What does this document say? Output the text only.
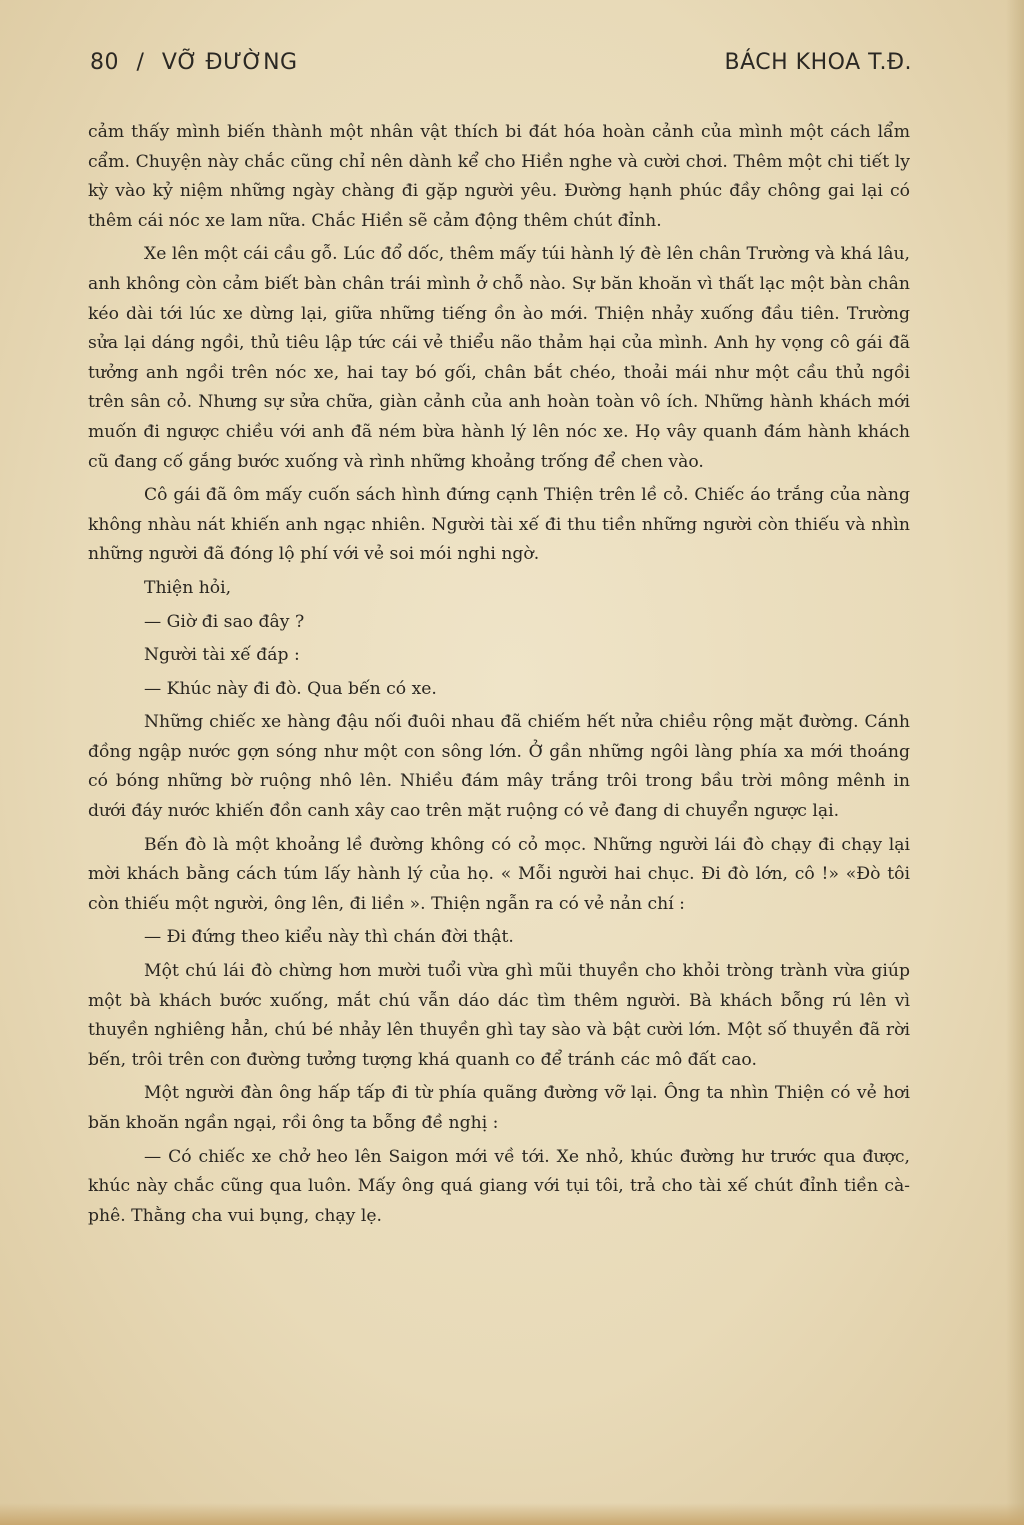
80 / VỠ ĐƯỜNG	BÁCH KHOA T.Đ.

cảm thấy mình biến thành một nhân vật thích bi đát hóa hoàn cảnh của mình một cách lẩm cẩm. Chuyện này chắc cũng chỉ nên dành kể cho Hiền nghe và cười chơi. Thêm một chi tiết ly kỳ vào kỷ niệm những ngày chàng đi gặp người yêu. Đường hạnh phúc đầy chông gai lại có thêm cái nóc xe lam nữa. Chắc Hiền sẽ cảm động thêm chút đỉnh.

Xe lên một cái cầu gỗ. Lúc đổ dốc, thêm mấy túi hành lý đè lên chân Trường và khá lâu, anh không còn cảm biết bàn chân trái mình ở chỗ nào. Sự băn khoăn vì thất lạc một bàn chân kéo dài tới lúc xe dừng lại, giữa những tiếng ồn ào mới. Thiện nhảy xuống đầu tiên. Trường sửa lại dáng ngồi, thủ tiêu lập tức cái vẻ thiểu não thảm hại của mình. Anh hy vọng cô gái đã tưởng anh ngồi trên nóc xe, hai tay bó gối, chân bắt chéo, thoải mái như một cầu thủ ngồi trên sân cỏ. Nhưng sự sửa chữa, giàn cảnh của anh hoàn toàn vô ích. Những hành khách mới muốn đi ngược chiều với anh đã ném bừa hành lý lên nóc xe. Họ vây quanh đám hành khách cũ đang cố gắng bước xuống và rình những khoảng trống để chen vào.

Cô gái đã ôm mấy cuốn sách hình đứng cạnh Thiện trên lề cỏ. Chiếc áo trắng của nàng không nhàu nát khiến anh ngạc nhiên. Người tài xế đi thu tiền những người còn thiếu và nhìn những người đã đóng lộ phí với vẻ soi mói nghi ngờ.

Thiện hỏi,

— Giờ đi sao đây ?

Người tài xế đáp :

— Khúc này đi đò. Qua bến có xe.

Những chiếc xe hàng đậu nối đuôi nhau đã chiếm hết nửa chiều rộng mặt đường. Cánh đồng ngập nước gợn sóng như một con sông lớn. Ở gần những ngôi làng phía xa mới thoáng có bóng những bờ ruộng nhô lên. Nhiều đám mây trắng trôi trong bầu trời mông mênh in dưới đáy nước khiến đồn canh xây cao trên mặt ruộng có vẻ đang di chuyển ngược lại.

Bến đò là một khoảng lề đường không có cỏ mọc. Những người lái đò chạy đi chạy lại mời khách bằng cách túm lấy hành lý của họ. « Mỗi người hai chục. Đi đò lớn, cô !» «Đò tôi còn thiếu một người, ông lên, đi liền ». Thiện ngẫn ra có vẻ nản chí :

— Đi đứng theo kiểu này thì chán đời thật.

Một chú lái đò chừng hơn mười tuổi vừa ghì mũi thuyền cho khỏi tròng trành vừa giúp một bà khách bước xuống, mắt chú vẫn dáo dác tìm thêm người. Bà khách bỗng rú lên vì thuyền nghiêng hẳn, chú bé nhảy lên thuyền ghì tay sào và bật cười lớn. Một số thuyền đã rời bến, trôi trên con đường tưởng tượng khá quanh co để tránh các mô đất cao.

Một người đàn ông hấp tấp đi từ phía quãng đường vỡ lại. Ông ta nhìn Thiện có vẻ hơi băn khoăn ngần ngại, rồi ông ta bỗng đề nghị :

— Có chiếc xe chở heo lên Saigon mới về tới. Xe nhỏ, khúc đường hư trước qua được, khúc này chắc cũng qua luôn. Mấy ông quá giang với tụi tôi, trả cho tài xế chút đỉnh tiền cà-phê. Thằng cha vui bụng, chạy lẹ.
